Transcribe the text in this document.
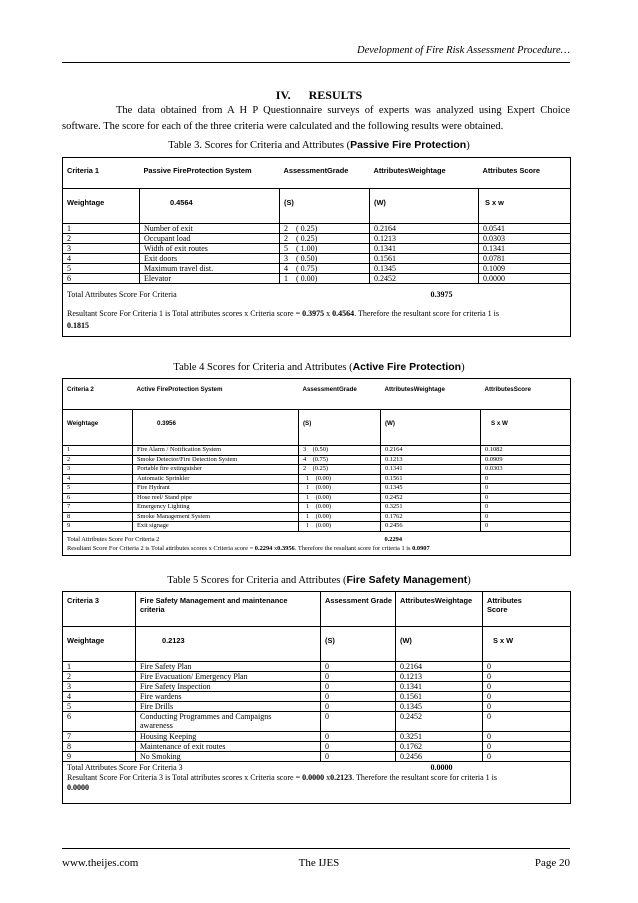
Development of Fire Risk Assessment Procedure…
IV. RESULTS
The data obtained from A H P Questionnaire surveys of experts was analyzed using Expert Choice software. The score for each of the three criteria were calculated and the following results were obtained.
Table 3. Scores for Criteria and Attributes (Passive Fire Protection)
Criteria 1	Passive FireProtection System	AssessmentGrade	AttributesWeightage	Attributes Score
Weightage	0.4564	(S)	(W)	S x w
1	Number of exit	2 ( 0.25)	0.2164	0.0541
2	Occupant load	2 ( 0.25)	0.1213	0.0303
3	Width of exit routes	5 ( 1.00)	0.1341	0.1341
4	Exit doors	3 ( 0.50)	0.1561	0.0781
5	Maximum travel dist.	4 ( 0.75)	0.1345	0.1009
6	Elevator	1 ( 0.00)	0.2452	0.0000

Total Attributes Score For Criteria 0.3975
Resultant Score For Criteria 1 is Total attributes scores x Criteria score = 0.3975 x 0.4564. Therefore the resultant score for criteria 1 is
0.1815				
Table 4 Scores for Criteria and Attributes (Active Fire Protection)
Criteria 2	Active FireProtection System	AssessmentGrade	AttributesWeightage	AttributesScore
Weightage	0.3956	(S)	(W)	S x W
1	Fire Alarm / Notification System	3 (0.50)	0.2164	0.1082
2	Smoke Detector/Fire Detection System	4 (0.75)	0.1213	0.0909
3	Portable fire extinguisher	2 (0.25)	0.1341	0.0303
4	Automatic Sprinkler	1 (0.00)	0.1561	0
5	Fire Hydrant	1 (0.00)	0.1345	0
6	Hose reel/ Stand pipe	1 (0.00)	0.2452	0
7	Emergency Lighting	1 (0.00)	0.3251	0
8	Smoke Management System	1 (0.00)	0.1762	0
9	Exit signage	1 (0.00)	0.2456	0

Total Attributes Score For Criteria 2 0.2294
Resultant Score For Criteria 2 is Total attributes scores x Criteria score = 0.2294 x0.3956. Therefore the resultant score for criteria 1 is 0.0907				
Table 5 Scores for Criteria and Attributes (Fire Safety Management)
Criteria 3	Fire Safety Management and maintenance criteria	Assessment Grade	AttributesWeightage	Attributes Score
Weightage	0.2123	(S)	(W)	S x W
1	Fire Safety Plan	0	0.2164	0
2	Fire Evacuation/ Emergency Plan	0	0.1213	0
3	Fire Safety Inspection	0	0.1341	0
4	Fire wardens	0	0.1561	0
5	Fire Drills	0	0.1345	0
6	Conducting Programmes and Campaigns awareness	0	0.2452	0
7	Housing Keeping	0	0.3251	0
8	Maintenance of exit routes	0	0.1762	0
9	No Smoking	0	0.2456	0

Total Attributes Score For Criteria 3 0.0000
Resultant Score For Criteria 3 is Total attributes scores x Criteria score = 0.0000 x0.2123. Therefore the resultant score for criteria 1 is
0.0000				
www.theijes.com	The IJES	Page 20
